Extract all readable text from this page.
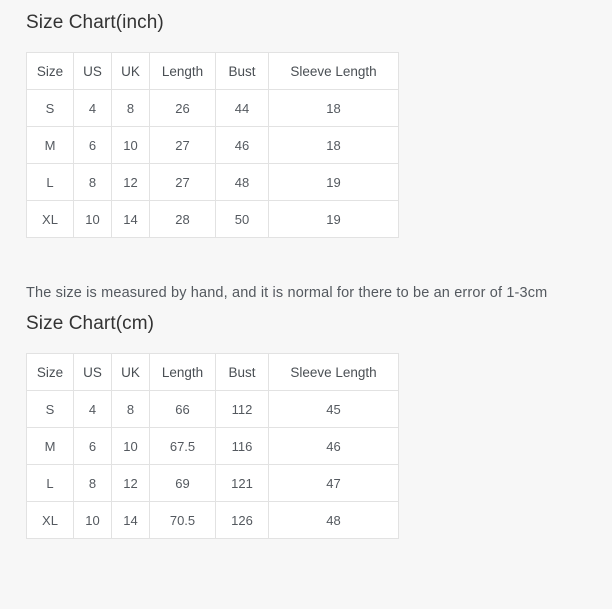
Size Chart(inch)
Size	US	UK	Length	Bust	Sleeve Length
S	4	8	26	44	18
M	6	10	27	46	18
L	8	12	27	48	19
XL	10	14	28	50	19

The size is measured by hand, and it is normal for there to be an error of 1-3cm

Size Chart(cm)
Size	US	UK	Length	Bust	Sleeve Length
S	4	8	66	112	45
M	6	10	67.5	116	46
L	8	12	69	121	47
XL	10	14	70.5	126	48
